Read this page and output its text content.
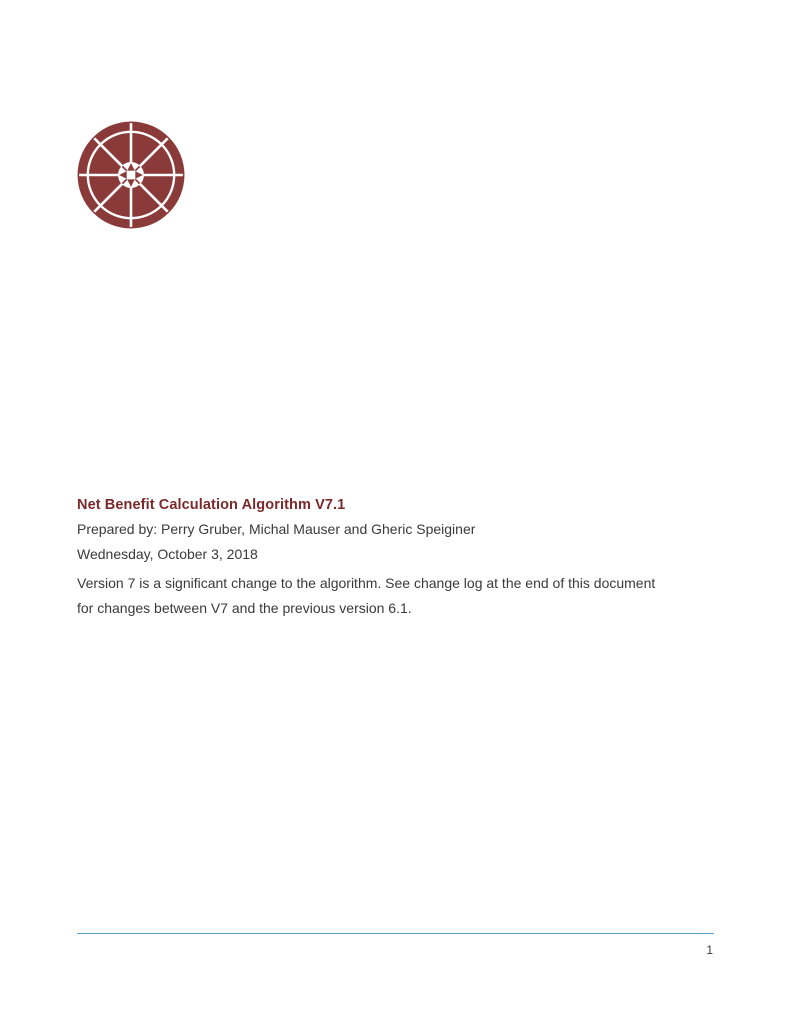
Net Benefit Calculation Algorithm V7.1

Prepared by: Perry Gruber, Michal Mauser and Gheric Speiginer

Wednesday, October 3, 2018

Version 7 is a significant change to the algorithm. See change log at the end of this document
for changes between V7 and the previous version 6.1.

1
